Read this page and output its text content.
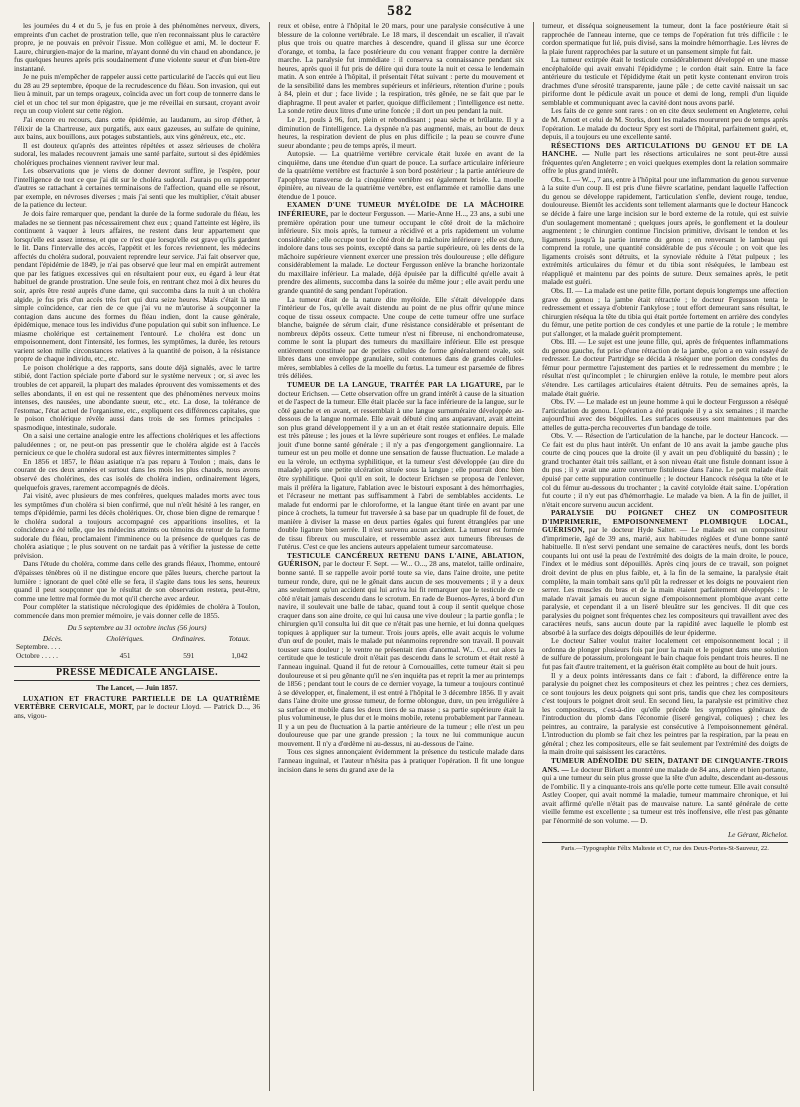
582

les journées du 4 et du 5, je fus en proie à des phénomènes nerveux, divers, empreints d'un cachet de prostration telle, que n'en reconnaissant plus le caractère propre, je ne pouvais en prévoir l'issue. Mon collègue et ami, M. le docteur F. Laure, chirurgien-major de la marine, m'ayant donné du vin chaud en abondance, je fus quelques heures après pris soudainement d'une violente sueur et d'un bien-être instantané.

Je ne puis m'empêcher de rappeler aussi cette particularité de l'accès qui eut lieu du 28 au 29 septembre, époque de la recrudescence du fléau. Son invasion, qui eut lieu à minuit, par un temps orageux, coïncida avec un fort coup de tonnerre dans le ciel et un choc tel sur mon épigastre, que je me réveillai en sursaut, croyant avoir reçu un coup violent sur cette région.

J'ai encore eu recours, dans cette épidémie, au laudanum, au sirop d'éther, à l'élixir de la Chartreuse, aux purgatifs, aux eaux gazeuses, au sulfate de quinine, aux bains, aux bouillons, aux potages substantiels, aux vins généreux, etc., etc.

Il est douteux qu'après des atteintes répétées et assez sérieuses de choléra sudoral, les malades recouvrent jamais une santé parfaite, surtout si des épidémies cholériques prochaines viennent raviver leur mal.

Les observations que je viens de donner devront suffire, je l'espère, pour l'intelligence de tout ce que j'ai dit sur le choléra sudoral. J'aurais pu en rapporter d'autres se rattachant à certaines terminaisons de l'affection, quand elle se résout, par exemple, en névroses diverses ; mais j'ai senti que les multiplier, c'était abuser de la patience du lecteur.

Je dois faire remarquer que, pendant la durée de la forme sudorale du fléau, les malades ne se tiennent pas nécessairement chez eux ; quand l'atteinte est légère, ils continuent à vaquer à leurs affaires, ne restent dans leur appartement que lorsqu'elle est assez intense, et que ce n'est que lorsqu'elle est grave qu'ils gardent le lit. Dans l'intervalle des accès, l'appétit et les forces reviennent, les médecins affectés du choléra sudoral, pouvaient reprendre leur service. J'ai fait observer que, pendant l'épidémie de 1849, je n'ai pas observé que leur mal en empirât autrement que par les fatigues excessives qui en résultaient pour eux, eu égard à leur état habituel de grande prostration. Une seule fois, en rentrant chez moi à dix heures du soir, après être resté auprès d'une dame, qui succomba dans la nuit à un choléra algide, je fus pris d'un accès très fort qui dura seize heures. Mais c'était là une simple coïncidence, car rien de ce que j'ai vu ne m'autorise à soupçonner la contagion dans aucune des formes du fléau indien, dont la cause générale, épidémique, menace tous les individus d'une population qui subit son influence. Le miasme cholérique est certainement l'entouré. Le choléra est donc un empoisonnement, dont l'intensité, les formes, les symptômes, la durée, les retours varient selon mille circonstances relatives à la quantité de poison, à la résistance propre de chaque individu, etc., etc.

Le poison cholérique a des rapports, sans doute déjà signalés, avec le tartre stibié, dont l'action spéciale porte d'abord sur le système nerveux ; or, si avec les troubles de cet appareil, la plupart des malades éprouvent des vomissements et des selles abondants, il en est qui ne ressentent que des phénomènes nerveux moins intenses, des nausées, une abondante sueur, etc., etc. La dose, la tolérance de l'estomac, l'état actuel de l'organisme, etc., expliquent ces différences capitales, que le poison cholérique révèle aussi dans trois de ses formes principales : spasmodique, intestinale, sudorale.

On a saisi une certaine analogie entre les affections cholériques et les affections paludéennes ; or, ne peut-on pas pressentir que le choléra algide est à l'accès pernicieux ce que le choléra sudoral est aux fièvres intermittentes simples ?

En 1856 et 1857, le fléau asiatique n'a pas reparu à Toulon ; mais, dans le courant de ces deux années et surtout dans les mois les plus chauds, nous avons observé des cholérines, des cas isolés de choléra indien, ordinairement légers, quelquefois graves, rarement accompagnés de décès.

J'ai visité, avec plusieurs de mes confrères, quelques malades morts avec tous les symptômes d'un choléra si bien confirmé, que nul n'eût hésité à les ranger, en temps d'épidémie, parmi les décès cholériques. Or, chose bien digne de remarque ! le choléra sudoral a toujours accompagné ces apparitions insolites, et la coïncidence a été telle, que les médecins atteints ou témoins du retour de la forme sudorale du fléau, proclamaient l'imminence ou la présence de quelques cas de choléra asiatique ; le plus souvent on ne tardait pas à vérifier la justesse de cette prévision.

Dans l'étude du choléra, comme dans celle des grands fléaux, l'homme, entouré d'épaisses ténèbres où il ne distingue encore que pâles lueurs, cherche partout la lumière : ignorant de quel côté elle se fera, il s'agite dans tous les sens, heureux quand il peut soupçonner que le résultat de son observation restera, peut-être, comme une lettre mal formée du mot qu'il cherche avec ardeur.

Pour compléter la statistique nécrologique des épidémies de choléra à Toulon, commencée dans mon premier mémoire, je vais donner celle de 1855.

Du 5 septembre au 31 octobre inclus (56 jours)
Décès.	Cholériques.	Ordinaires.	Totaux.
Septembre. . . .			
Octobre . . . . .	451	591	1,042
PRESSE MÉDICALE ANGLAISE.
The Lancet, — Juin 1857.

LUXATION ET FRACTURE PARTIELLE DE LA QUATRIÈME VERTÈBRE CERVICALE, MORT, par le docteur Lloyd. — Patrick D..., 36 ans, vigou-

reux et obèse, entre à l'hôpital le 20 mars, pour une paralysie consécutive à une blessure de la colonne vertébrale. Le 18 mars, il descendait un escalier, il n'avait plus que trois ou quatre marches à descendre, quand il glissa sur une écorce d'orange, et tomba, la face postérieure du cou venant frapper contre la dernière marche. La paralysie fut immédiate : il conserva sa connaissance pendant six heures, après quoi il fut pris de délire qui dura toute la nuit et cessa le lendemain matin. A son entrée à l'hôpital, il présentait l'état suivant : perte du mouvement et de la sensibilité dans les membres supérieurs et inférieurs, rétention d'urine ; pouls à 84, plein et dur ; face livide ; la respiration, très gênée, ne se fait que par le diaphragme. Il peut avaler et parler, quoique difficilement ; l'intelligence est nette. La sonde retire deux litres d'une urine foncée ; il dort un peu pendant la nuit.

Le 21, pouls à 96, fort, plein et rebondissant ; peau sèche et brûlante. Il y a diminution de l'intelligence. La dyspnée n'a pas augmenté, mais, au bout de deux heures, la respiration devient de plus en plus difficile ; la peau se couvre d'une sueur abondante ; peu de temps après, il meurt.

Autopsie. — La quatrième vertèbre cervicale était luxée en avant de la cinquième, dans une étendue d'un quart de pouce. La surface articulaire inférieure de la quatrième vertèbre est fracturée à son bord postérieur ; la partie antérieure de l'apophyse transverse de la cinquième vertèbre est également brisée. La moelle épinière, au niveau de la quatrième vertèbre, est enflammée et ramollie dans une étendue de 1 pouce.

EXAMEN D'UNE TUMEUR MYÉLOÏDE DE LA MÂCHOIRE INFÉRIEURE, par le docteur Fergusson. — Marie-Anne H..., 23 ans, a subi une première opération pour une tumeur occupant le côté droit de la mâchoire inférieure. Six mois après, la tumeur a récidivé et a pris rapidement un volume considérable ; elle occupe tout le côté droit de la mâchoire inférieure ; elle est dure, indolore dans tous ses points, excepté dans sa partie supérieure, où les dents de la mâchoire supérieure viennent exercer une pression très douloureuse ; elle défigure considérablement la malade. Le docteur Fergusson enlève la branche horizontale du maxillaire inférieur. La malade, déjà épuisée par la difficulté qu'elle avait à prendre des aliments, succomba dans la soirée du même jour ; elle avait perdu une grande quantité de sang pendant l'opération.

La tumeur était de la nature dite myéloïde. Elle s'était développée dans l'intérieur de l'os, qu'elle avait distendu au point de ne plus offrir qu'une mince coque de tissu osseux compacte. Une coupe de cette tumeur offre une surface blanche, baignée de sérum clair, d'une résistance considérable et présentant de nombreux dépôts osseux. Cette tumeur n'est ni fibreuse, ni enchondromateuse, comme le sont la plupart des tumeurs du maxillaire inférieur. Elle est presque entièrement constituée par de petites cellules de forme généralement ovale, soit libres dans une enveloppe granulaire, soit contenues dans de grandes cellules-mères, semblables à celles de la moelle du fœtus. La tumeur est parsemée de fibres très déliées.

TUMEUR DE LA LANGUE, TRAITÉE PAR LA LIGATURE, par le docteur Erichsen. — Cette observation offre un grand intérêt à cause de la situation et de l'aspect de la tumeur. Elle était placée sur la face inférieure de la langue, sur le côté gauche et en avant, et ressemblait à une langue surnuméraire développée au-dessous de la langue normale. Elle avait débuté cinq ans auparavant, avait atteint son plus grand développement il y a un an et était restée stationnaire depuis. Elle est très pâteuse ; les joues et la lèvre supérieure sont rouges et enflées. Le malade jouit d'une bonne santé générale ; il n'y a pas d'engorgement ganglionnaire. La tumeur est un peu molle et donne une sensation de fausse fluctuation. Le malade a eu la vérole, un ecthyma syphilitique, et la tumeur s'est développée (au dire du malade) après une petite ulcération située sous la langue ; elle pourrait donc bien être syphilitique. Quoi qu'il en soit, le docteur Erichsen se proposa de l'enlever, mais il préféra la ligature, l'ablation avec le bistouri exposant à des hémorrhagies, et l'écraseur ne mettant pas suffisamment à l'abri de semblables accidents. Le malade fut endormi par le chloroforme, et la langue étant tirée en avant par une pince à crochets, la tumeur fut traversée à sa base par un quadruple fil de fouet, de manière à diviser la masse en deux parties égales qui furent étranglées par une double ligature bien serrée. Il n'est survenu aucun accident. La tumeur est formée de tissu fibreux ou musculaire, et ressemble assez aux tumeurs fibreuses de l'utérus. C'est ce que les anciens auteurs appelaient tumeur sarcomateuse.

TESTICULE CANCÉREUX RETENU DANS L'AINE, ABLATION, GUÉRISON, par le docteur F. Sept. — W... O..., 28 ans, matelot, taille ordinaire, bonne santé. Il se rappelle avoir porté toute sa vie, dans l'aine droite, une petite tumeur ronde, dure, qui ne le gênait dans aucun de ses mouvements ; il y a deux ans seulement qu'un accident qui lui arriva lui fit remarquer que le testicule de ce côté n'était jamais descendu dans le scrotum. En rade de Buenos-Ayres, à bord d'un navire, il soulevait une balle de tabac, quand tout à coup il sentit quelque chose craquer dans son aine droite, ce qui lui causa une vive douleur ; la partie gonfla ; le chirurgien qu'il consulta lui dit que ce n'était pas une hernie, et lui donna quelques topiques à appliquer sur la tumeur. Trois jours après, elle avait acquis le volume d'un œuf de poulet, mais le malade put néanmoins reprendre son travail. Il pouvait tousser sans douleur ; le ventre ne présentait rien d'anormal. W... O... eut alors la certitude que le testicule droit n'était pas descendu dans le scrotum et était resté à l'anneau inguinal. Quand il fut de retour à Cornouailles, cette tumeur était si peu douloureuse et si peu gênante qu'il ne s'en inquiéta pas et reprit la mer au printemps de 1856 ; pendant tout le cours de ce dernier voyage, la tumeur a toujours continué à se développer, et, finalement, il est entré à l'hôpital le 3 décembre 1856. Il y avait dans l'aine droite une grosse tumeur, de forme oblongue, dure, un peu irrégulière à sa surface et mobile dans les deux tiers de sa masse ; sa partie supérieure était la plus volumineuse, le plus dur et le moins mobile, retenu probablement par l'anneau. Il y a un peu de fluctuation à la partie antérieure de la tumeur ; elle n'est un peu douloureuse que par une grande pression ; la toux ne lui communique aucun mouvement. Il n'y a d'œdème ni au-dessus, ni au-dessous de l'aine.

Tous ces signes annonçaient évidemment la présence du testicule malade dans l'anneau inguinal, et l'auteur n'hésita pas à pratiquer l'opération. Il fit une longue incision dans le sens du grand axe de la

tumeur, et disséqua soigneusement la tumeur, dont la face postérieure était si rapprochée de l'anneau interne, que ce temps de l'opération fut très difficile : le cordon spermatique fut lié, puis divisé, sans la moindre hémorrhagie. Les lèvres de la plaie furent rapprochées par la suture et un pansement simple fut fait.

La tumeur extirpée était le testicule considérablement développé en une masse encéphaloïde qui avait envahi l'épididyme ; le cordon était sain. Entre la face antérieure du testicule et l'épididyme était un petit kyste contenant environ trois drachmes d'une sérosité transparente, jaune pâle ; de cette cavité naissait un sac piriforme dont le pédicule avait un pouce et demi de long, rempli d'un liquide semblable et communiquant avec la cavité dont nous avons parlé.

Les faits de ce genre sont rares : on en cite deux seulement en Angleterre, celui de M. Arnott et celui de M. Storks, dont les malades moururent peu de temps après l'opération. Le malade du docteur Spry est sorti de l'hôpital, parfaitement guéri, et, depuis, il a toujours eu une excellente santé.

RÉSECTIONS DES ARTICULATIONS DU GENOU ET DE LA HANCHE. — Nulle part les résections articulaires ne sont peut-être aussi fréquentes qu'en Angleterre ; en voici quelques exemples dont la relation sommaire offre le plus grand intérêt.

Obs. I. — W..., 7 ans, entre à l'hôpital pour une inflammation du genou survenue à la suite d'un coup. Il est pris d'une fièvre scarlatine, pendant laquelle l'affection du genou se développe rapidement, l'articulation s'enfle, devient rouge, tendue, douloureuse. Bientôt les accidents sont tellement alarmants que le docteur Hancock se décide à faire une large incision sur le bord externe de la rotule, qui est suivie d'un soulagement momentané ; quelques jours après, le gonflement et la douleur augmentent ; le chirurgien continue l'incision primitive, divisant le tendon et les ligaments jusqu'à la partie interne du genou ; en renversant le lambeau qui comprend la rotule, une quantité considérable de pus s'écoule ; on voit que les ligaments croisés sont détruits, et la synoviale réduite à l'état pulpeux ; les extrémités articulaires du fémur et du tibia sont réséquées, le lambeau est réappliqué et maintenu par des points de suture. Deux semaines après, le petit malade est guéri.

Obs. II. — La malade est une petite fille, portant depuis longtemps une affection grave du genou ; la jambe était rétractée ; le docteur Fergusson tenta le redressement et essaya d'obtenir l'ankylose ; tout effort demeurant sans résultat, le chirurgien réséqua la tête du tibia qui était portée fortement en arrière des condyles du fémur, une petite portion de ces condyles et une partie de la rotule ; le membre put s'allonger, et la malade guérit promptement.

Obs. III. — Le sujet est une jeune fille, qui, après de fréquentes inflammations du genou gauche, fut prise d'une rétraction de la jambe, qu'on a en vain essayé de redresser. Le docteur Partridge se décida à réséquer une portion des condyles du fémur pour permettre l'ajustement des parties et le redressement du membre ; le résultat n'est qu'incomplet ; le chirurgien enlève la rotule, le membre peut alors s'étendre. Les cartilages articulaires étaient détruits. Peu de semaines après, la malade était guérie.

Obs. IV. — Le malade est un jeune homme à qui le docteur Fergusson a réséqué l'articulation du genou. L'opération a été pratiquée il y a six semaines ; il marche aujourd'hui avec des béquilles. Les surfaces osseuses sont maintenues par des attelles de gutta-percha recouvertes d'un bandage de toile.

Obs. V. — Résection de l'articulation de la hanche, par le docteur Hancock. — Ce fait est du plus haut intérêt. Un enfant de 10 ans avait la jambe gauche plus courte de cinq pouces que la droite (il y avait un peu d'obliquité du bassin) ; le grand trochanter était très saillant, et à son niveau était une fistule donnant issue à du pus ; il y avait une autre ouverture fistuleuse dans l'aine. Le petit malade était épuisé par cette suppuration continuelle ; le docteur Hancock réséqua la tête et le col du fémur au-dessous du trochanter ; la cavité cotyloïde était saine. L'opération fut courte ; il n'y eut pas d'hémorrhagie. Le malade va bien. A la fin de juillet, il n'était encore survenu aucun accident.

PARALYSIE DU POIGNET CHEZ UN COMPOSITEUR D'IMPRIMERIE, EMPOISONNEMENT PLOMBIQUE LOCAL, GUÉRISON, par le docteur Hyde Salter. — Le malade est un compositeur d'imprimerie, âgé de 39 ans, marié, aux habitudes réglées et d'une bonne santé habituelle. Il n'est servi pendant une semaine de caractères neufs, dont les bords coupants lui ont usé la peau de l'extrémité des doigts de la main droite, le pouce, l'index et le médius sont dépouillés. Après cinq jours de ce travail, son poignet droit devint de plus en plus faible, et, à la fin de la semaine, la paralysie était complète, la main tombait sans qu'il pût la redresser et les doigts ne pouvaient rien serrer. Les muscles du bras et de la main étaient parfaitement développés : le malade n'avait jamais eu aucun signe d'empoisonnement plombique avant cette paralysie, et cependant il a un liseré bleuâtre sur les gencives. Il dit que ces paralysies du poignet sont fréquentes chez les compositeurs qui travaillent avec des caractères neufs, sans aucun doute par la rapidité avec laquelle le plomb est absorbé à la surface des doigts dépouillés de leur épiderme.

Le docteur Salter voulut traiter localement cet empoisonnement local ; il ordonna de plonger plusieurs fois par jour la main et le poignet dans une solution de sulfure de potassium, prolongeant le bain chaque fois pendant trois heures. Il ne fut pas fait d'autre traitement, et la guérison était complète au bout de huit jours.

Il y a deux points intéressants dans ce fait : d'abord, la différence entre la paralysie du poignet chez les compositeurs et chez les peintres ; chez ces derniers, ce sont toujours les deux poignets qui sont pris, tandis que chez les compositeurs c'est toujours le poignet droit seul. En second lieu, la paralysie est primitive chez les compositeurs, c'est-à-dire qu'elle précède les symptômes généraux de l'introduction du plomb dans l'économie (liseré gengival, coliques) ; chez les peintres, au contraire, la paralysie est consécutive à l'empoisonnement général. L'introduction du plomb se fait chez les peintres par la respiration, par la peau en général ; chez les compositeurs, elle se fait seulement par l'extrémité des doigts de la main droite qui saisissent les caractères.

TUMEUR ADÉNOÏDE DU SEIN, DATANT DE CINQUANTE-TROIS ANS. — Le docteur Birkett a montré une malade de 84 ans, alerte et bien portante, qui a une tumeur du sein plus grosse que la tête d'un adulte, descendant au-dessous de l'ombilic. Il y a cinquante-trois ans qu'elle porte cette tumeur. Elle avait consulté Astley Cooper, qui avait nommé la maladie, tumeur mammaire chronique, et lui avait affirmé qu'elle n'était pas de mauvaise nature. La santé générale de cette vieille femme est excellente ; sa tumeur est très inoffensive, elle n'est pas gênante par l'énormité de son volume. — D.

Le Gérant, Richelot.
Paris.—Typographie Félix Malteste et Cᵉ, rue des Deux-Portes-St-Sauveur, 22.
